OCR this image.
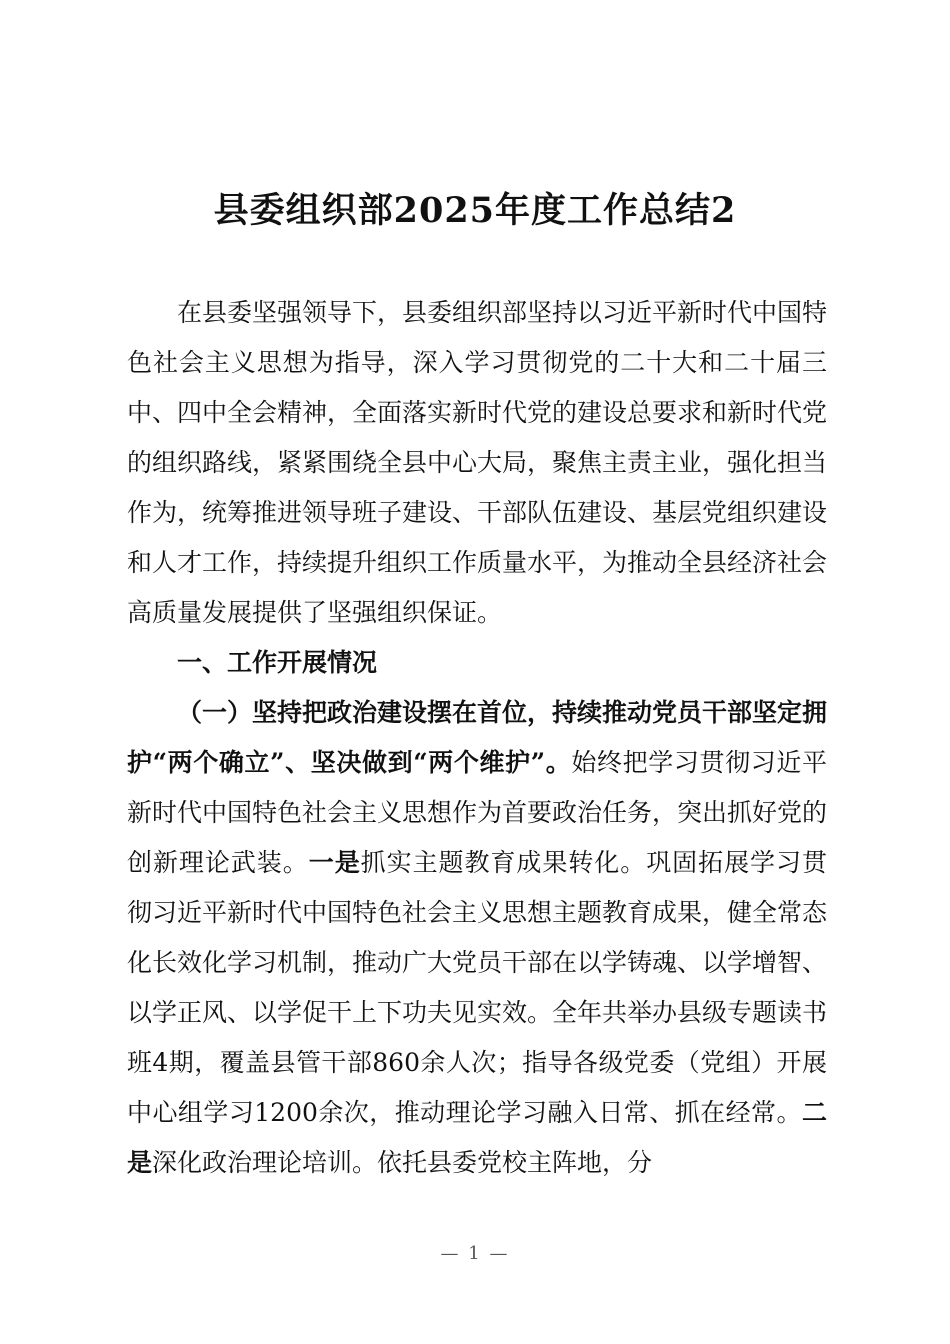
县委组织部2025年度工作总结2

在县委坚强领导下，县委组织部坚持以习近平新时代中国特色社会主义思想为指导，深入学习贯彻党的二十大和二十届三中、四中全会精神，全面落实新时代党的建设总要求和新时代党的组织路线，紧紧围绕全县中心大局，聚焦主责主业，强化担当作为，统筹推进领导班子建设、干部队伍建设、基层党组织建设和人才工作，持续提升组织工作质量水平，为推动全县经济社会高质量发展提供了坚强组织保证。

一、工作开展情况

（一）坚持把政治建设摆在首位，持续推动党员干部坚定拥护“两个确立”、坚决做到“两个维护”。始终把学习贯彻习近平新时代中国特色社会主义思想作为首要政治任务，突出抓好党的创新理论武装。一是抓实主题教育成果转化。巩固拓展学习贯彻习近平新时代中国特色社会主义思想主题教育成果，健全常态化长效化学习机制，推动广大党员干部在以学铸魂、以学增智、以学正风、以学促干上下功夫见实效。全年共举办县级专题读书班4期，覆盖县管干部860余人次；指导各级党委（党组）开展中心组学习1200余次，推动理论学习融入日常、抓在经常。二是深化政治理论培训。依托县委党校主阵地，分

— 1 —
